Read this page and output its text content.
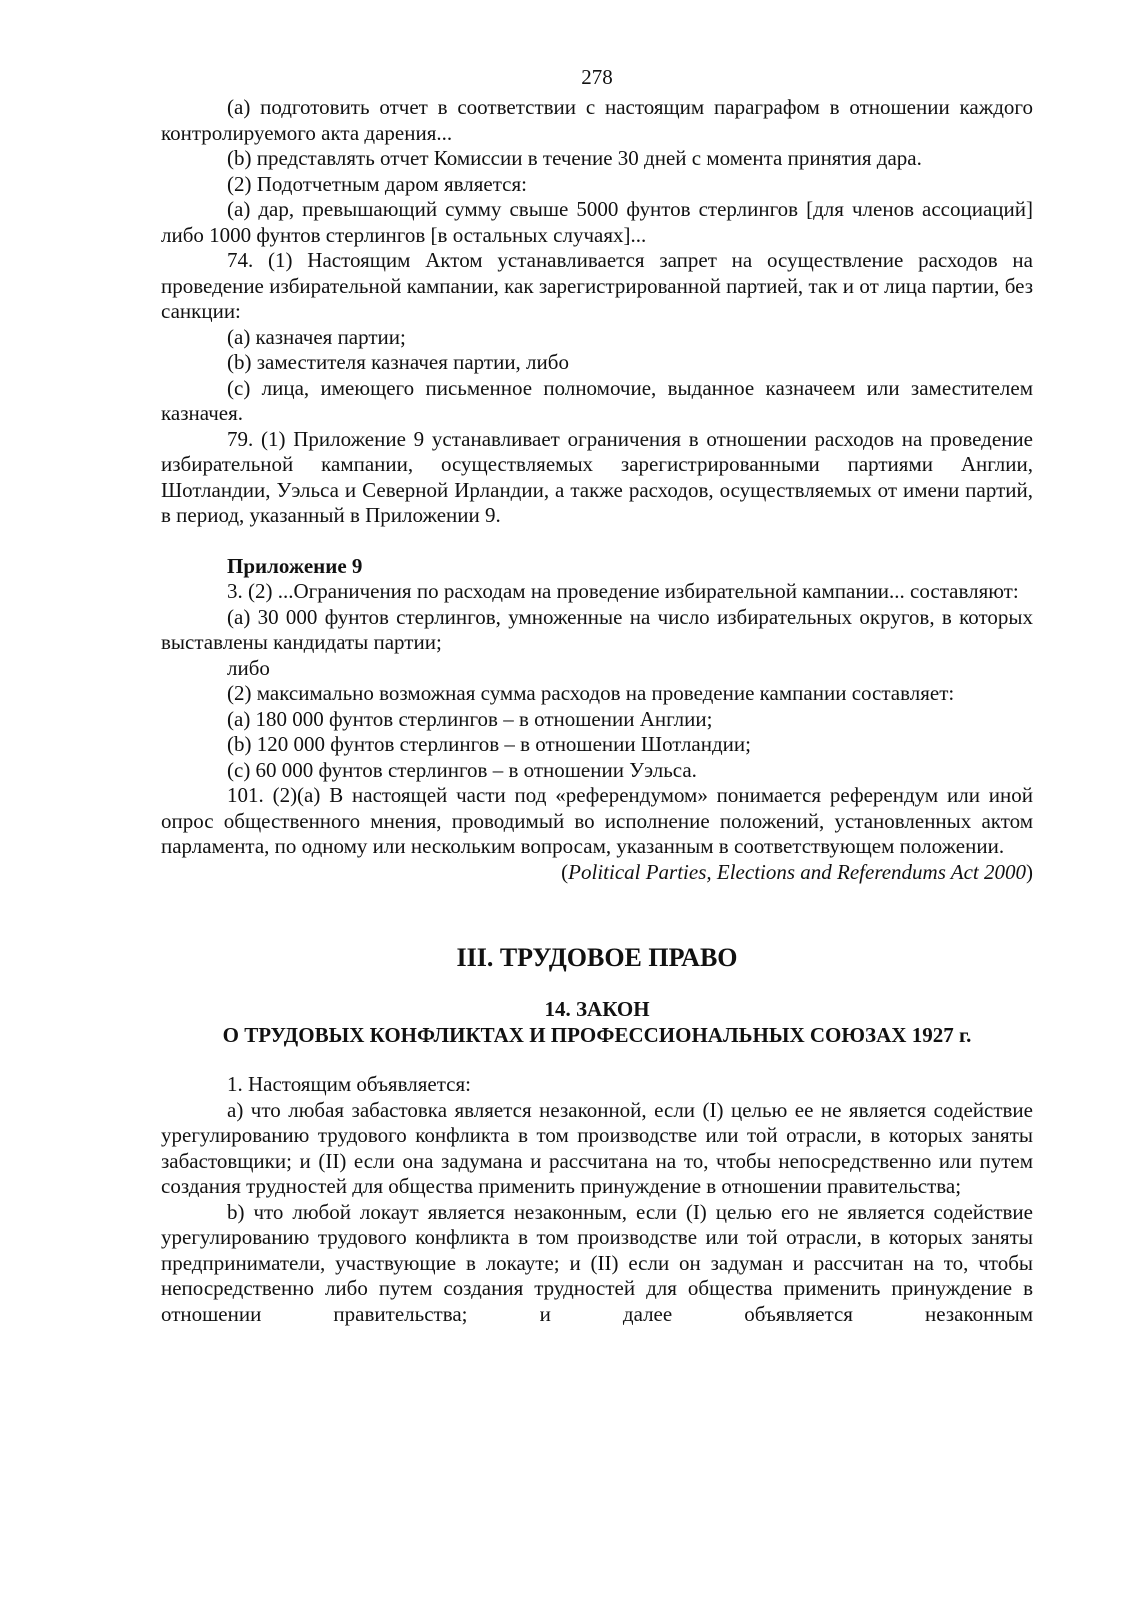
278

(a) подготовить отчет в соответствии с настоящим параграфом в отношении каждого контролируемого акта дарения...

(b) представлять отчет Комиссии в течение 30 дней с момента принятия дара.

(2) Подотчетным даром является:

(a) дар, превышающий сумму свыше 5000 фунтов стерлингов [для членов ассоциаций] либо 1000 фунтов стерлингов [в остальных случаях]...

74. (1) Настоящим Актом устанавливается запрет на осуществление расходов на проведение избирательной кампании, как зарегистрированной партией, так и от лица партии, без санкции:

(a) казначея партии;

(b) заместителя казначея партии, либо

(c) лица, имеющего письменное полномочие, выданное казначеем или заместителем казначея.

79. (1) Приложение 9 устанавливает ограничения в отношении расходов на проведение избирательной кампании, осуществляемых зарегистрированными партиями Англии, Шотландии, Уэльса и Северной Ирландии, а также расходов, осуществляемых от имени партий, в период, указанный в Приложении 9.

Приложение 9

3. (2) ...Ограничения по расходам на проведение избирательной кампании... составляют:

(a) 30 000 фунтов стерлингов, умноженные на число избирательных округов, в которых выставлены кандидаты партии;

либо

(2) максимально возможная сумма расходов на проведение кампании составляет:

(a) 180 000 фунтов стерлингов – в отношении Англии;

(b) 120 000 фунтов стерлингов – в отношении Шотландии;

(c) 60 000 фунтов стерлингов – в отношении Уэльса.

101. (2)(a) В настоящей части под «референдумом» понимается референдум или иной опрос общественного мнения, проводимый во исполнение положений, установленных актом парламента, по одному или нескольким вопросам, указанным в соответствующем положении.

(Political Parties, Elections and Referendums Act 2000)

III. ТРУДОВОЕ ПРАВО
14. ЗАКОН
О ТРУДОВЫХ КОНФЛИКТАХ И ПРОФЕССИОНАЛЬНЫХ СОЮЗАХ 1927 г.

1. Настоящим объявляется:

a) что любая забастовка является незаконной, если (I) целью ее не является содействие урегулированию трудового конфликта в том производстве или той отрасли, в которых заняты забастовщики; и (II) если она задумана и рассчитана на то, чтобы непосредственно или путем создания трудностей для общества применить принуждение в отношении правительства;

b) что любой локаут является незаконным, если (I) целью его не является содействие урегулированию трудового конфликта в том производстве или той отрасли, в которых заняты предприниматели, участвующие в локауте; и (II) если он задуман и рассчитан на то, чтобы непосредственно либо путем создания трудностей для общества применить принуждение в отношении правительства; и далее объявляется незаконным
